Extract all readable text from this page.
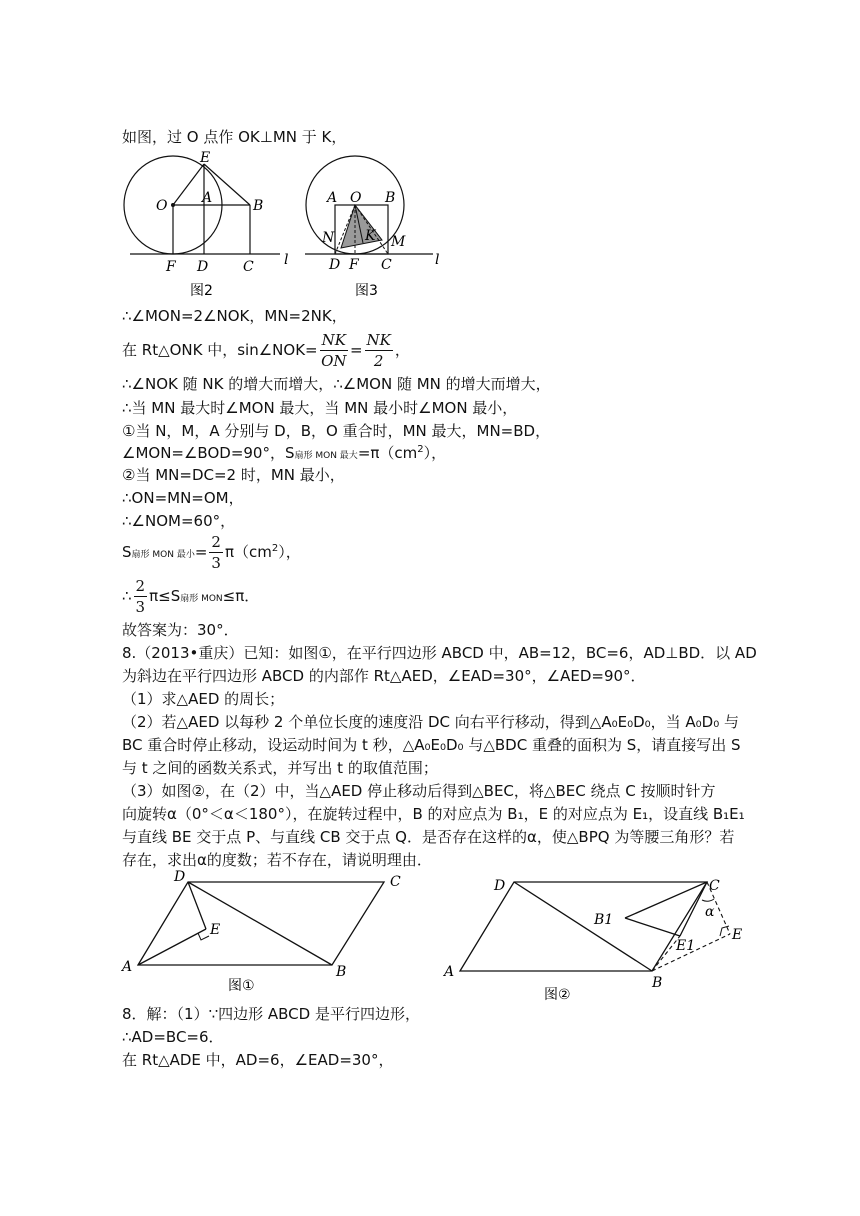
如图，过 O 点作 OK⊥MN 于 K，
E
O A	B
F D C l
图2
A O B
N K M
D F C	l
图3
∴∠MON=2∠NOK，MN=2NK，
在 Rt△ONK 中，sin∠NOK= $\frac{NK}{ON} = \frac{NK}{2}$ ，
∴∠NOK 随 NK 的增大而增大，∴∠MON 随 MN 的增大而增大，
∴当 MN 最大时∠MON 最大，当 MN 最小时∠MON 最小，
①当 N，M，A 分别与 D，B，O 重合时，MN 最大，MN=BD，
∠MON=∠BOD=90°，S扇形 MON 最大$=\pi(cm^2)$，
②当 MN=DC=2 时，MN 最小，
∴ON=MN=OM，
∴∠NOM=60°，
S扇形 MON 最小= $\frac{2}{3} \pi(cm^2)$，
∴ $\frac{2}{3} \pi\le S$扇形 MON≤π．
故答案为：30°．
8.（2013•重庆）已知：如图①，在平行四边形 ABCD 中，AB=12，BC=6，AD⊥BD．以 AD
为斜边在平行四边形 ABCD 的内部作 Rt△AED，∠EAD=30°，∠AED=90°．
（1）求△AED 的周长；
（2）若△AED 以每秒 2 个单位长度的速度沿 DC 向右平行移动，得到△A₀E₀D₀，当 A₀D₀ 与
BC 重合时停止移动，设运动时间为 t 秒，△A₀E₀D₀ 与△BDC 重叠的面积为 S，请直接写出 S
与 t 之间的函数关系式，并写出 t 的取值范围；
（3）如图②，在（2）中，当△AED 停止移动后得到△BEC，将△BEC 绕点 C 按顺时针方
向旋转α（0°＜α＜180°），在旋转过程中，B 的对应点为 B₁，E 的对应点为 E₁，设直线 B₁E₁
与直线 BE 交于点 P、与直线 CB 交于点 Q．是否存在这样的α，使△BPQ 为等腰三角形？若
存在，求出α的度数；若不存在，请说明理由．
D	C
E
A	B
图①
D	C
B1	α
E1
E
A
B
图②
8．解：（1）∵四边形 ABCD 是平行四边形，
∴AD=BC=6．
在 Rt△ADE 中，AD=6，∠EAD=30°，
